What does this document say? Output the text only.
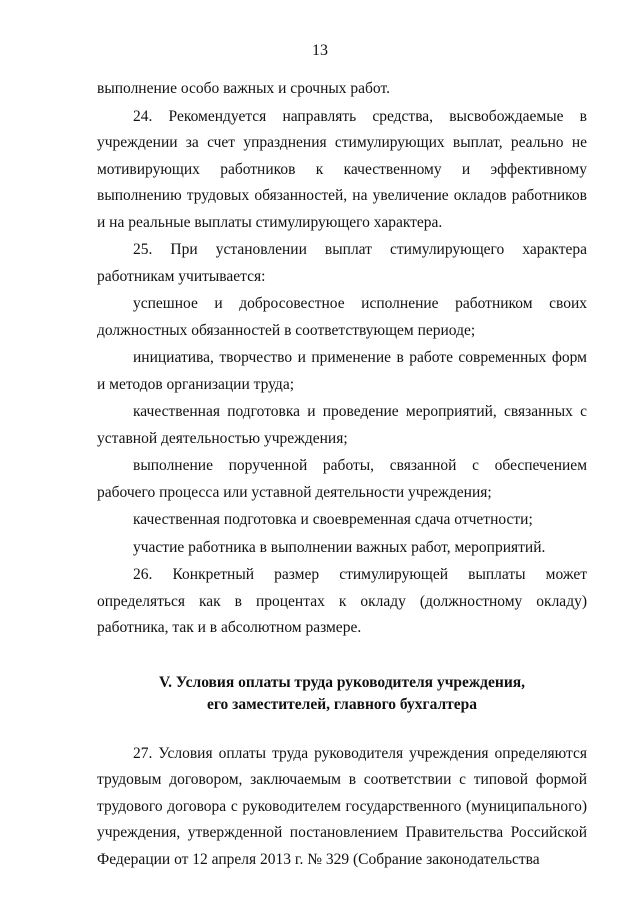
13

выполнение особо важных и срочных работ.

24. Рекомендуется направлять средства, высвобождаемые в учреждении за счет упразднения стимулирующих выплат, реально не мотивирующих работников к качественному и эффективному выполнению трудовых обязанностей, на увеличение окладов работников и на реальные выплаты стимулирующего характера.

25. При установлении выплат стимулирующего характера работникам учитывается:

успешное и добросовестное исполнение работником своих должностных обязанностей в соответствующем периоде;

инициатива, творчество и применение в работе современных форм и методов организации труда;

качественная подготовка и проведение мероприятий, связанных с уставной деятельностью учреждения;

выполнение порученной работы, связанной с обеспечением рабочего процесса или уставной деятельности учреждения;

качественная подготовка и своевременная сдача отчетности;

участие работника в выполнении важных работ, мероприятий.

26. Конкретный размер стимулирующей выплаты может определяться как в процентах к окладу (должностному окладу) работника, так и в абсолютном размере.

V. Условия оплаты труда руководителя учреждения,
его заместителей, главного бухгалтера

27. Условия оплаты труда руководителя учреждения определяются трудовым договором, заключаемым в соответствии с типовой формой трудового договора с руководителем государственного (муниципального) учреждения, утвержденной постановлением Правительства Российской Федерации от 12 апреля 2013 г. № 329 (Собрание законодательства
